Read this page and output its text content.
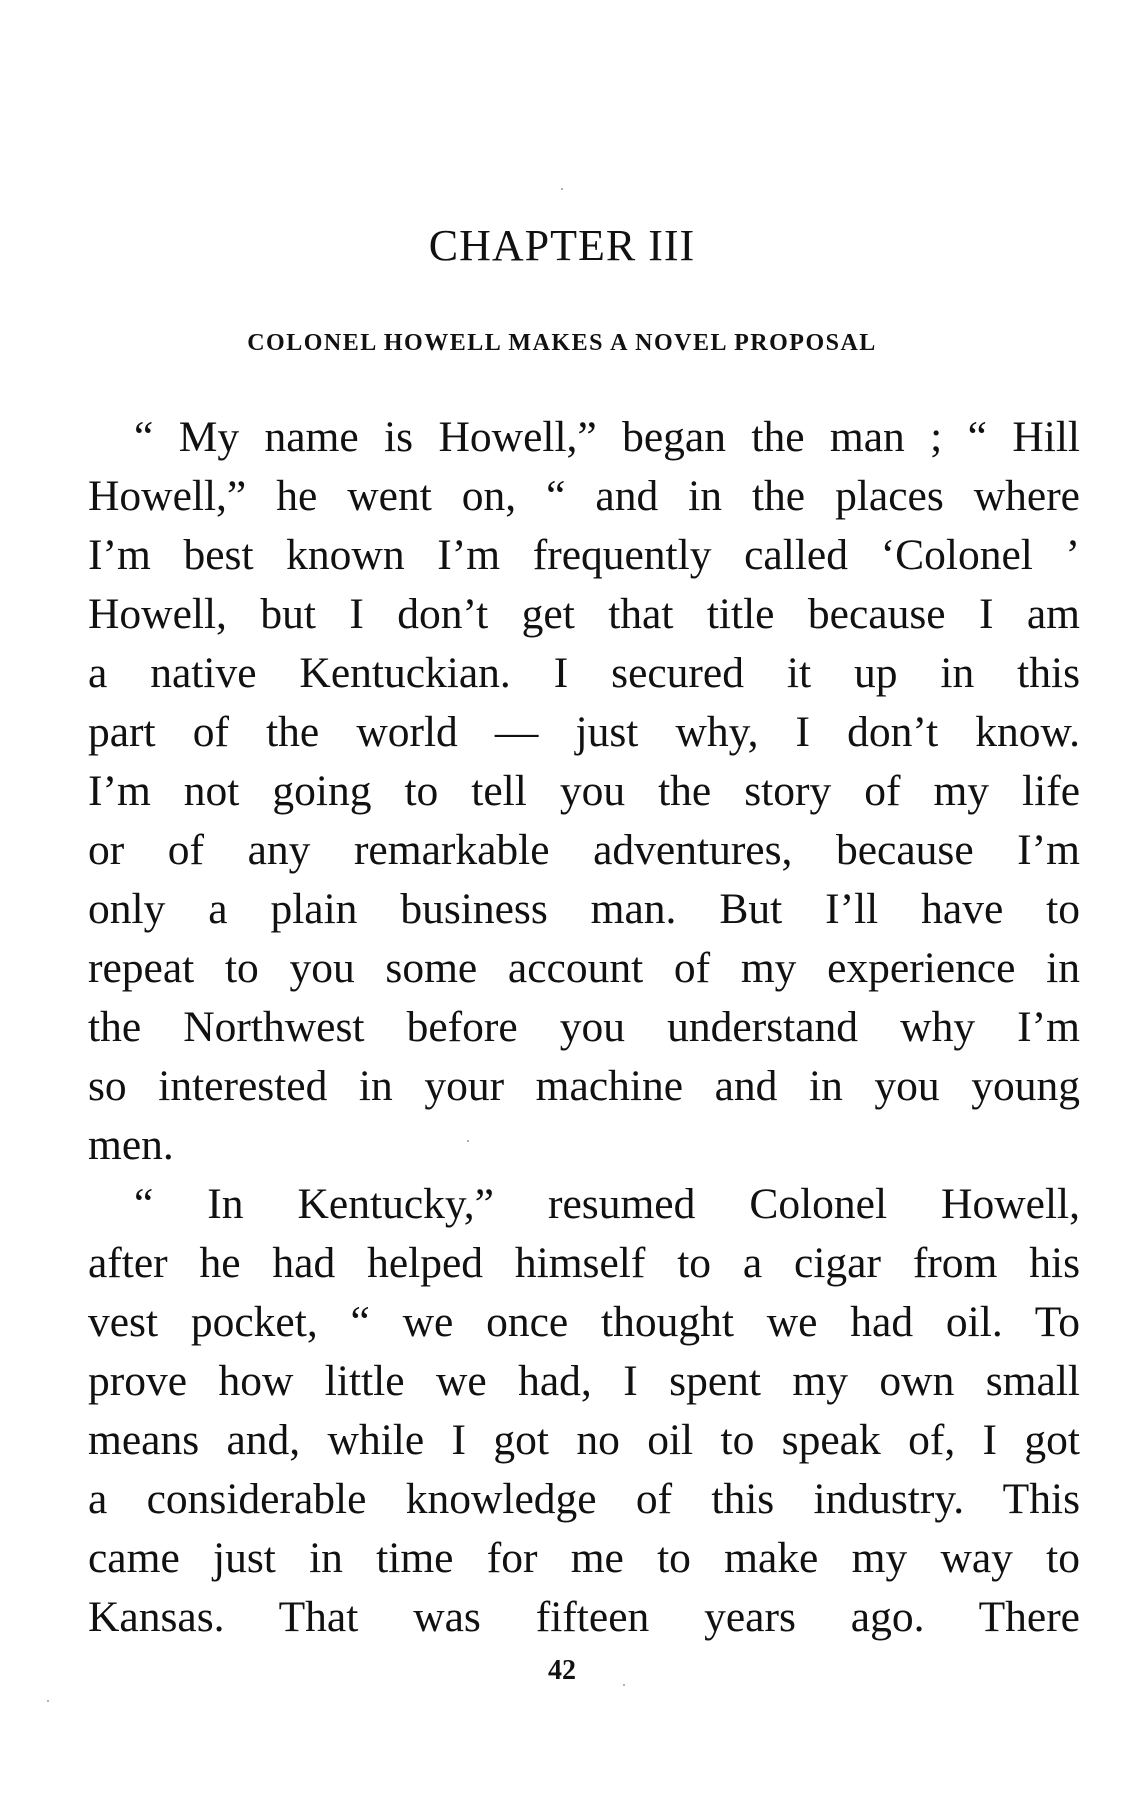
CHAPTER III
COLONEL HOWELL MAKES A NOVEL PROPOSAL
“ My name is Howell,” began the man ; “ Hill
Howell,” he went on, “ and in the places where
I’m best known I’m frequently called ‘Colonel ’
Howell, but I don’t get that title because I am
a native Kentuckian. I secured it up in this
part of the world — just why, I don’t know.
I’m not going to tell you the story of my life
or of any remarkable adventures, because I’m
only a plain business man. But I’ll have to
repeat to you some account of my experience in
the Northwest before you understand why I’m
so interested in your machine and in you young
men.
“ In Kentucky,” resumed Colonel Howell,
after he had helped himself to a cigar from his
vest pocket, “ we once thought we had oil. To
prove how little we had, I spent my own small
means and, while I got no oil to speak of, I got
a considerable knowledge of this industry. This
came just in time for me to make my way to
Kansas. That was fifteen years ago. There
42
